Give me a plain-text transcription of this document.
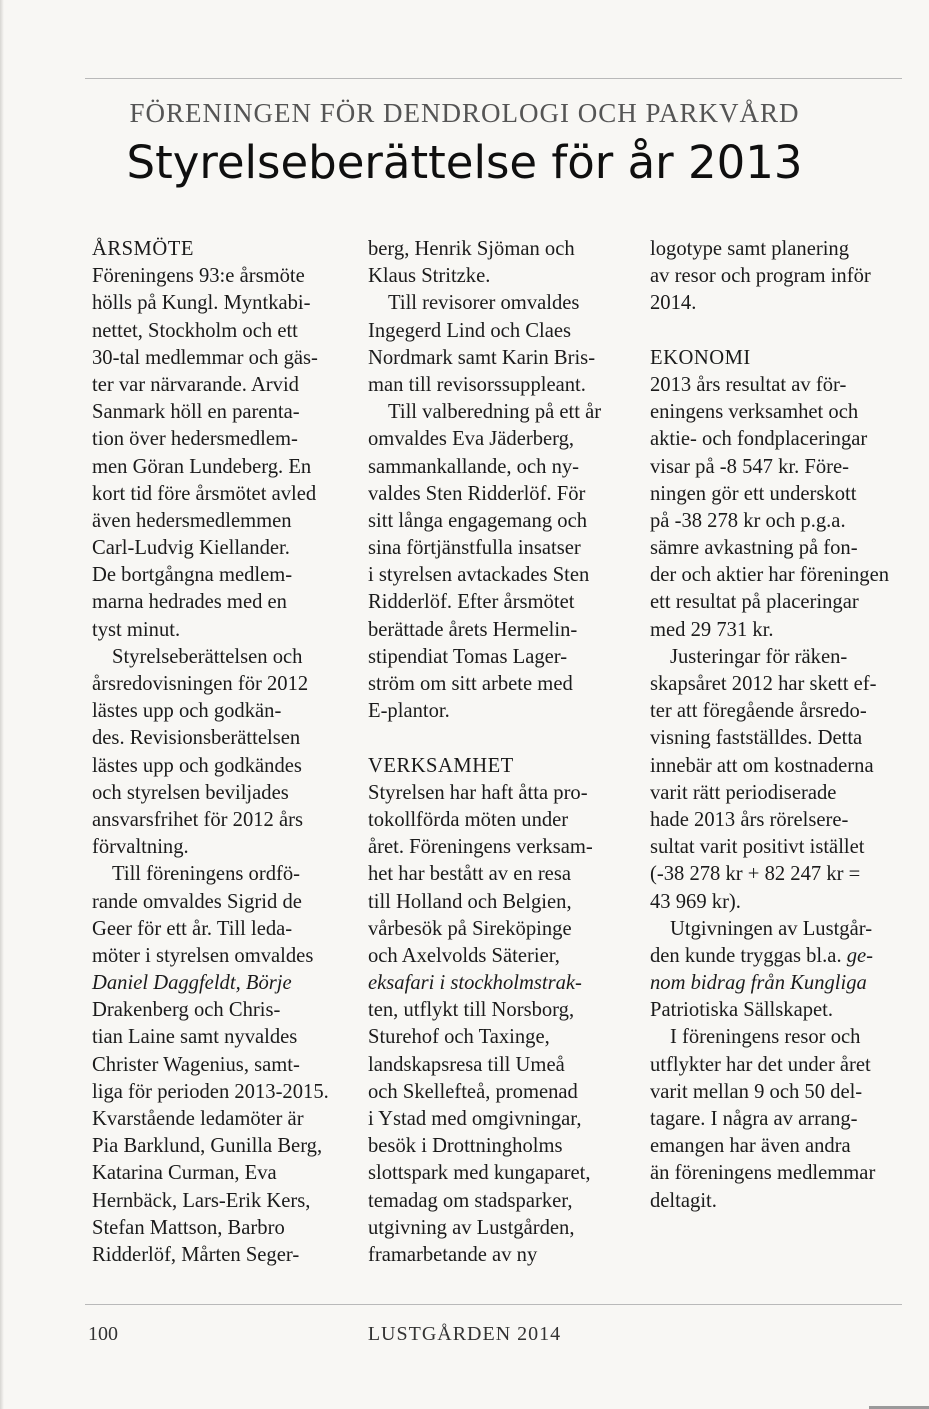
FÖRENINGEN FÖR DENDROLOGI OCH PARKVÅRD
Styrelseberättelse för år 2013
ÅRSMÖTE
Föreningens 93:e årsmöte
hölls på Kungl. Myntkabi-
nettet, Stockholm och ett
30-tal medlemmar och gäs-
ter var närvarande. Arvid
Sanmark höll en parenta-
tion över hedersmedlem-
men Göran Lundeberg. En
kort tid före årsmötet avled
även hedersmedlemmen
Carl-Ludvig Kiellander.
De bortgångna medlem-
marna hedrades med en
tyst minut.
Styrelseberättelsen och
årsredovisningen för 2012
lästes upp och godkän-
des. Revisionsberättelsen
lästes upp och godkändes
och styrelsen beviljades
ansvarsfrihet för 2012 års
förvaltning.
Till föreningens ordfö-
rande omvaldes Sigrid de
Geer för ett år. Till leda-
möter i styrelsen omvaldes
Daniel Daggfeldt, Börje
Drakenberg och Chris-
tian Laine samt nyvaldes
Christer Wagenius, samt-
liga för perioden 2013-2015.
Kvarstående ledamöter är
Pia Barklund, Gunilla Berg,
Katarina Curman, Eva
Hernbäck, Lars-Erik Kers,
Stefan Mattson, Barbro
Ridderlöf, Mårten Seger-
berg, Henrik Sjöman och
Klaus Stritzke.
Till revisorer omvaldes
Ingegerd Lind och Claes
Nordmark samt Karin Bris-
man till revisorssuppleant.
Till valberedning på ett år
omvaldes Eva Jäderberg,
sammankallande, och ny-
valdes Sten Ridderlöf. För
sitt långa engagemang och
sina förtjänstfulla insatser
i styrelsen avtackades Sten
Ridderlöf. Efter årsmötet
berättade årets Hermelin-
stipendiat Tomas Lager-
ström om sitt arbete med
E-plantor.
VERKSAMHET
Styrelsen har haft åtta pro-
tokollförda möten under
året. Föreningens verksam-
het har bestått av en resa
till Holland och Belgien,
vårbesök på Sireköpinge
och Axelvolds Säterier,
eksafari i stockholmstrak-
ten, utflykt till Norsborg,
Sturehof och Taxinge,
landskapsresa till Umeå
och Skellefteå, promenad
i Ystad med omgivningar,
besök i Drottningholms
slottspark med kungaparet,
temadag om stadsparker,
utgivning av Lustgården,
framarbetande av ny
logotype samt planering
av resor och program inför
2014.
EKONOMI
2013 års resultat av för-
eningens verksamhet och
aktie- och fondplaceringar
visar på -8 547 kr. Före-
ningen gör ett underskott
på -38 278 kr och p.g.a.
sämre avkastning på fon-
der och aktier har föreningen
ett resultat på placeringar
med 29 731 kr.
Justeringar för räken-
skapsåret 2012 har skett ef-
ter att föregående årsredo-
visning fastställdes. Detta
innebär att om kostnaderna
varit rätt periodiserade
hade 2013 års rörelsere-
sultat varit positivt istället
(-38 278 kr + 82 247 kr =
43 969 kr).
Utgivningen av Lustgår-
den kunde tryggas bl.a. ge-
nom bidrag från Kungliga
Patriotiska Sällskapet.
I föreningens resor och
utflykter har det under året
varit mellan 9 och 50 del-
tagare. I några av arrang-
emangen har även andra
än föreningens medlemmar
deltagit.
100	LUSTGÅRDEN 2014
